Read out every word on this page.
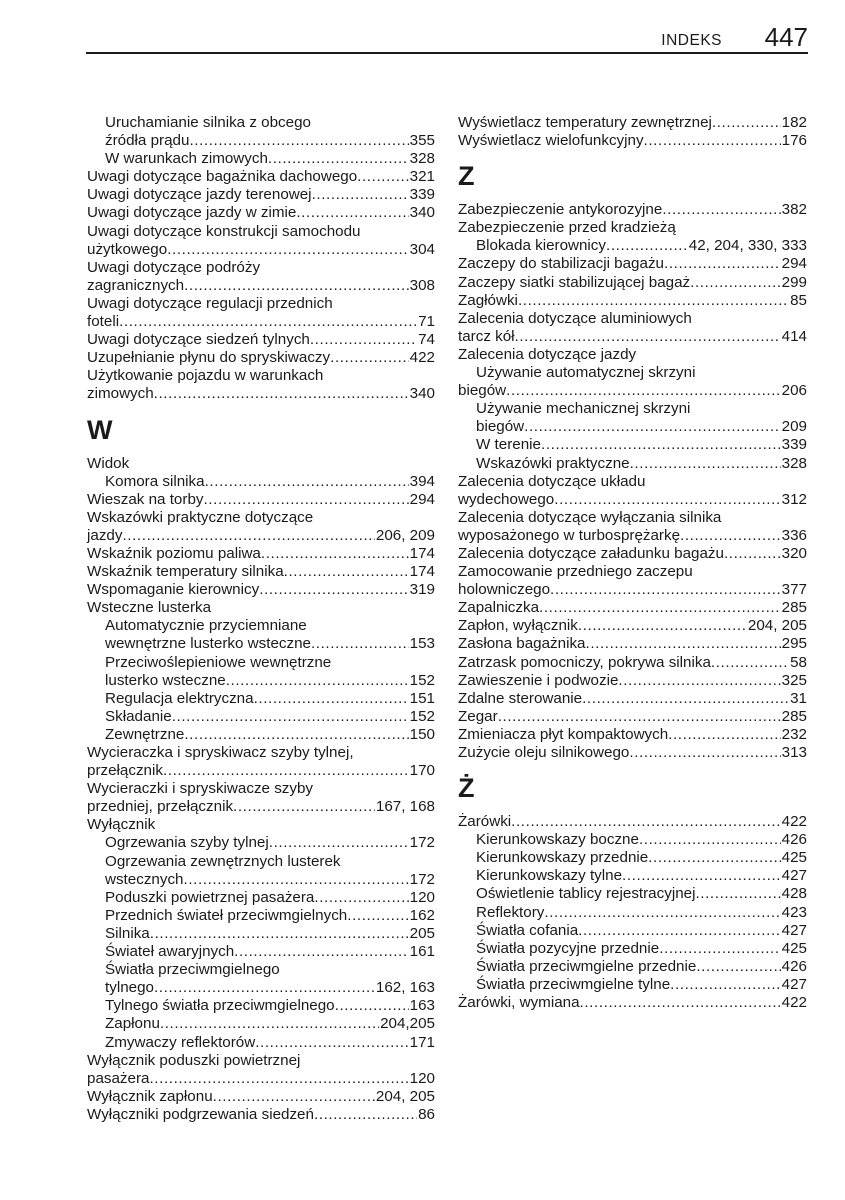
INDEKS 447
Uruchamianie silnika z obcego
źródła prądu .....	355
W warunkach zimowych .....	328
Uwagi dotyczące bagażnika dachowego .....	321
Uwagi dotyczące jazdy terenowej .....	339
Uwagi dotyczące jazdy w zimie .....	340
Uwagi dotyczące konstrukcji samochodu
użytkowego .....	304
Uwagi dotyczące podróży
zagranicznych .....	308
Uwagi dotyczące regulacji przednich
foteli .....	71
Uwagi dotyczące siedzeń tylnych .....	74
Uzupełnianie płynu do spryskiwaczy .....	422
Użytkowanie pojazdu w warunkach
zimowych .....	340
W
Widok
Komora silnika .....	394
Wieszak na torby .....	294
Wskazówki praktyczne dotyczące
jazdy .....	206, 209
Wskaźnik poziomu paliwa .....	174
Wskaźnik temperatury silnika .....	174
Wspomaganie kierownicy .....	319
Wsteczne lusterka
Automatycznie przyciemniane
wewnętrzne lusterko wsteczne .....	153
Przeciwoślepieniowe wewnętrzne
lusterko wsteczne .....	152
Regulacja elektryczna .....	151
Składanie .....	152
Zewnętrzne .....	150
Wycieraczka i spryskiwacz szyby tylnej,
przełącznik .....	170
Wycieraczki i spryskiwacze szyby
przedniej, przełącznik .....	167, 168
Wyłącznik
Ogrzewania szyby tylnej .....	172
Ogrzewania zewnętrznych lusterek
wstecznych .....	172
Poduszki powietrznej pasażera .....	120
Przednich świateł przeciwmgielnych .....	162
Silnika .....	205
Świateł awaryjnych .....	161
Światła przeciwmgielnego
tylnego .....	162, 163
Tylnego światła przeciwmgielnego .....	163
Zapłonu .....	204,205
Zmywaczy reflektorów .....	171
Wyłącznik poduszki powietrznej
pasażera .....	120
Wyłącznik zapłonu .....	204, 205
Wyłączniki podgrzewania siedzeń .....	86
Wyświetlacz temperatury zewnętrznej .....	182
Wyświetlacz wielofunkcyjny .....	176
Z
Zabezpieczenie antykorozyjne .....	382
Zabezpieczenie przed kradzieżą
Blokada kierownicy .....	42, 204, 330, 333
Zaczepy do stabilizacji bagażu .....	294
Zaczepy siatki stabilizującej bagaż .....	299
Zagłówki .....	85
Zalecenia dotyczące aluminiowych
tarcz kół .....	414
Zalecenia dotyczące jazdy
Używanie automatycznej skrzyni
biegów .....	206
Używanie mechanicznej skrzyni
biegów .....	209
W terenie .....	339
Wskazówki praktyczne .....	328
Zalecenia dotyczące układu
wydechowego .....	312
Zalecenia dotyczące wyłączania silnika
wyposażonego w turbosprężarkę .....	336
Zalecenia dotyczące załadunku bagażu .....	320
Zamocowanie przedniego zaczepu
holowniczego .....	377
Zapalniczka .....	285
Zapłon, wyłącznik .....	204, 205
Zasłona bagażnika .....	295
Zatrzask pomocniczy, pokrywa silnika .....	58
Zawieszenie i podwozie .....	325
Zdalne sterowanie .....	31
Zegar .....	285
Zmieniacza płyt kompaktowych .....	232
Zużycie oleju silnikowego .....	313
Ż
Żarówki .....	422
Kierunkowskazy boczne .....	426
Kierunkowskazy przednie .....	425
Kierunkowskazy tylne .....	427
Oświetlenie tablicy rejestracyjnej .....	428
Reflektory .....	423
Światła cofania .....	427
Światła pozycyjne przednie .....	425
Światła przeciwmgielne przednie .....	426
Światła przeciwmgielne tylne .....	427
Żarówki, wymiana .....	422
